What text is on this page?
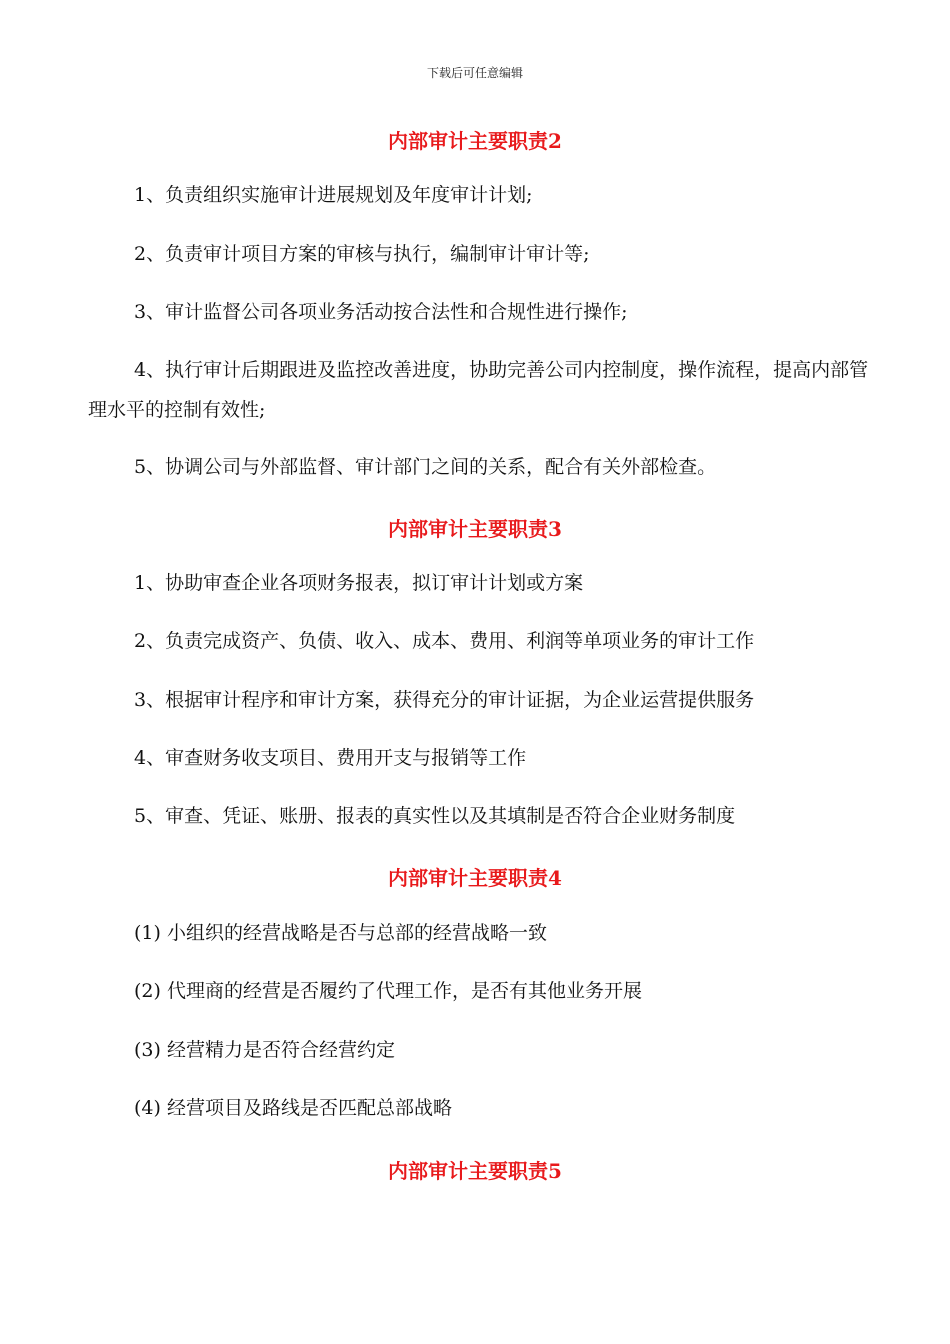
下载后可任意编辑
内部审计主要职责2
1、负责组织实施审计进展规划及年度审计计划;
2、负责审计项目方案的审核与执行，编制审计审计等;
3、审计监督公司各项业务活动按合法性和合规性进行操作;
4、执行审计后期跟进及监控改善进度，协助完善公司内控制度，操作流程，提高内部管理水平的控制有效性;
5、协调公司与外部监督、审计部门之间的关系，配合有关外部检查。
内部审计主要职责3
1、协助审查企业各项财务报表，拟订审计计划或方案
2、负责完成资产、负债、收入、成本、费用、利润等单项业务的审计工作
3、根据审计程序和审计方案，获得充分的审计证据，为企业运营提供服务
4、审查财务收支项目、费用开支与报销等工作
5、审查、凭证、账册、报表的真实性以及其填制是否符合企业财务制度
内部审计主要职责4
(1) 小组织的经营战略是否与总部的经营战略一致
(2) 代理商的经营是否履约了代理工作，是否有其他业务开展
(3) 经营精力是否符合经营约定
(4) 经营项目及路线是否匹配总部战略
内部审计主要职责5
